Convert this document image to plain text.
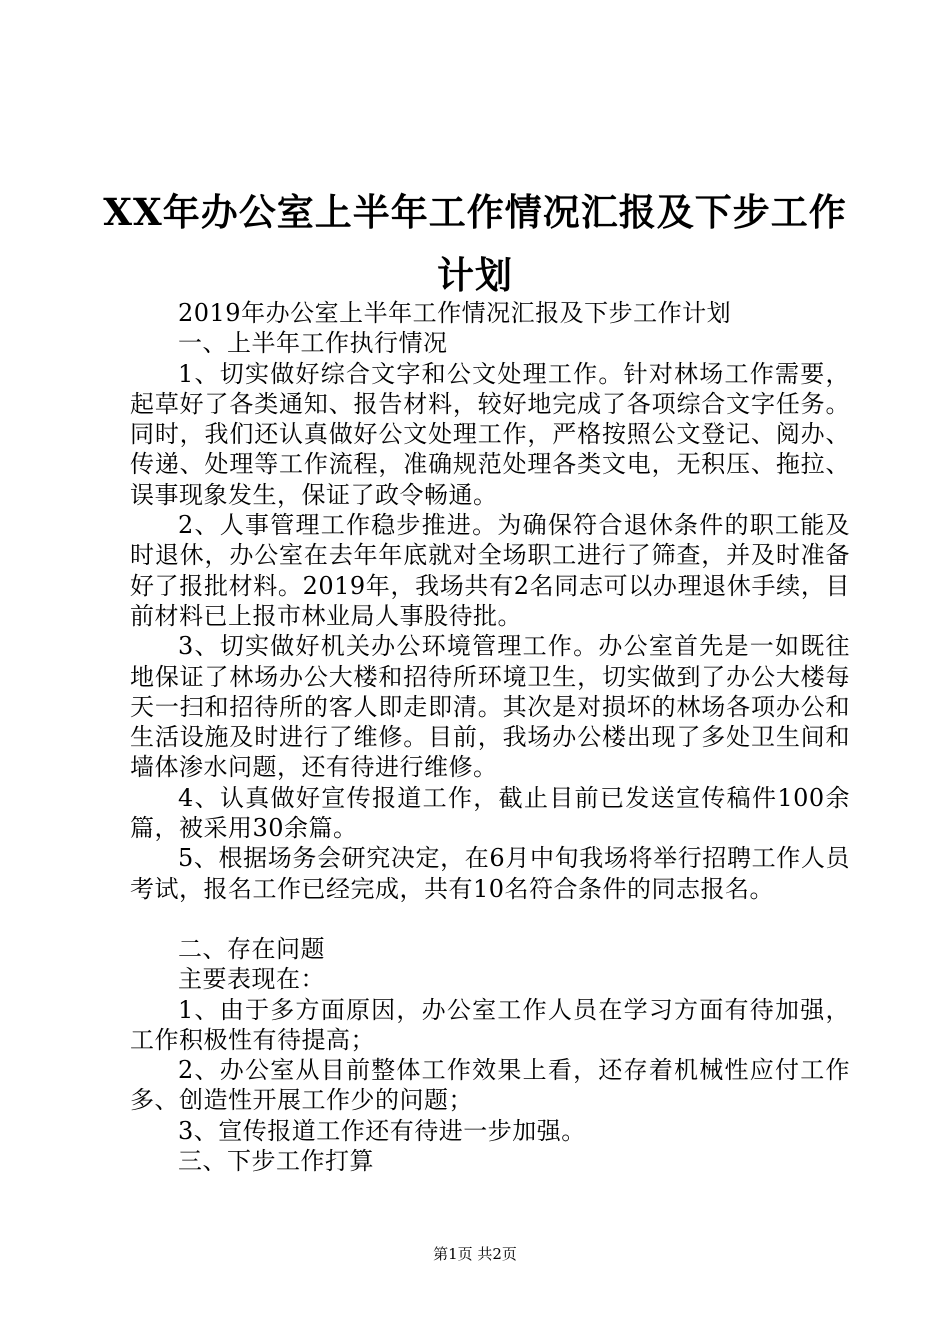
XX年办公室上半年工作情况汇报及下步工作
计划

2019年办公室上半年工作情况汇报及下步工作计划

一、上半年工作执行情况

1、切实做好综合文字和公文处理工作。针对林场工作需要，起草好了各类通知、报告材料，较好地完成了各项综合文字任务。同时，我们还认真做好公文处理工作，严格按照公文登记、阅办、传递、处理等工作流程，准确规范处理各类文电，无积压、拖拉、误事现象发生，保证了政令畅通。

2、人事管理工作稳步推进。为确保符合退休条件的职工能及时退休，办公室在去年年底就对全场职工进行了筛查，并及时准备好了报批材料。2019年，我场共有2名同志可以办理退休手续，目前材料已上报市林业局人事股待批。

3、切实做好机关办公环境管理工作。办公室首先是一如既往地保证了林场办公大楼和招待所环境卫生，切实做到了办公大楼每天一扫和招待所的客人即走即清。其次是对损坏的林场各项办公和生活设施及时进行了维修。目前，我场办公楼出现了多处卫生间和墙体渗水问题，还有待进行维修。

4、认真做好宣传报道工作，截止目前已发送宣传稿件100余篇，被采用30余篇。

5、根据场务会研究决定，在6月中旬我场将举行招聘工作人员考试，报名工作已经完成，共有10名符合条件的同志报名。

二、存在问题

主要表现在：

1、由于多方面原因，办公室工作人员在学习方面有待加强，工作积极性有待提高；

2、办公室从目前整体工作效果上看，还存着机械性应付工作多、创造性开展工作少的问题；

3、宣传报道工作还有待进一步加强。

三、下步工作打算

第1页 共2页
